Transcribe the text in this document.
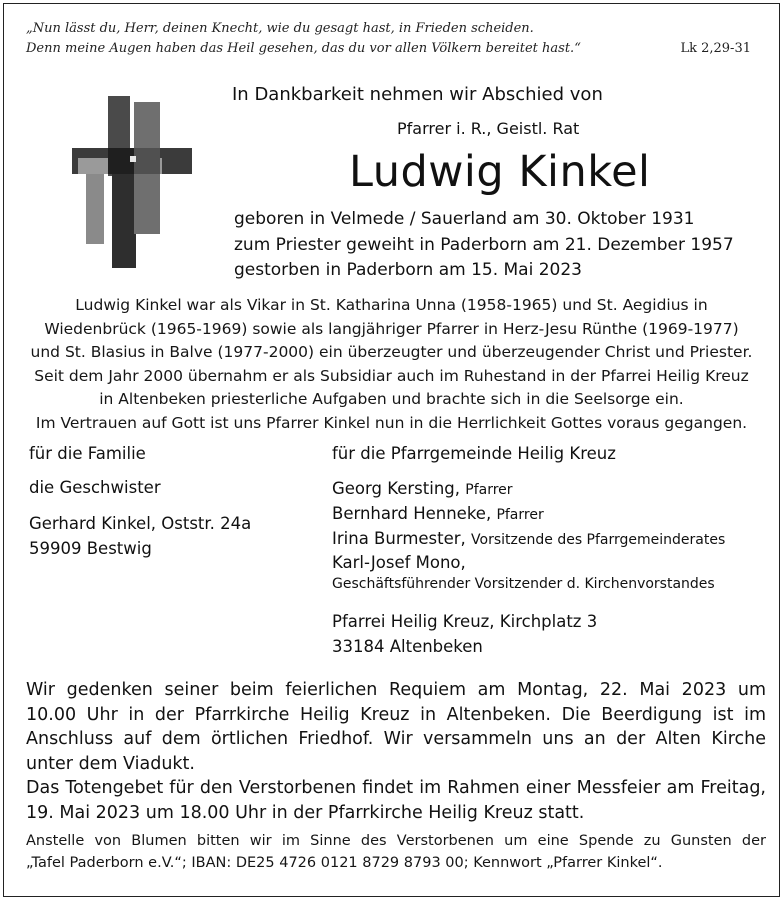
„Nun lässt du, Herr, deinen Knecht, wie du gesagt hast, in Frieden scheiden.
Denn meine Augen haben das Heil gesehen, das du vor allen Völkern bereitet hast.“	Lk 2,29-31
In Dankbarkeit nehmen wir Abschied von
Pfarrer i. R., Geistl. Rat
Ludwig Kinkel
geboren in Velmede / Sauerland am 30. Oktober 1931
zum Priester geweiht in Paderborn am 21. Dezember 1957
gestorben in Paderborn am 15. Mai 2023
Ludwig Kinkel war als Vikar in St. Katharina Unna (1958-1965) und St. Aegidius in
Wiedenbrück (1965-1969) sowie als langjähriger Pfarrer in Herz-Jesu Rünthe (1969-1977)
und St. Blasius in Balve (1977-2000) ein überzeugter und überzeugender Christ und Priester.
Seit dem Jahr 2000 übernahm er als Subsidiar auch im Ruhestand in der Pfarrei Heilig Kreuz
in Altenbeken priesterliche Aufgaben und brachte sich in die Seelsorge ein.
Im Vertrauen auf Gott ist uns Pfarrer Kinkel nun in die Herrlichkeit Gottes voraus gegangen.
für die Familie
die Geschwister
Gerhard Kinkel, Oststr. 24a
59909 Bestwig
für die Pfarrgemeinde Heilig Kreuz
Georg Kersting, Pfarrer
Bernhard Henneke, Pfarrer
Irina Burmester, Vorsitzende des Pfarrgemeinderates
Karl-Josef Mono,
Geschäftsführender Vorsitzender d. Kirchenvorstandes
Pfarrei Heilig Kreuz, Kirchplatz 3
33184 Altenbeken
Wir gedenken seiner beim feierlichen Requiem am Montag, 22. Mai 2023 um
10.00 Uhr in der Pfarrkirche Heilig Kreuz in Altenbeken. Die Beerdigung ist im
Anschluss auf dem örtlichen Friedhof. Wir versammeln uns an der Alten Kirche
unter dem Viadukt.
Das Totengebet für den Verstorbenen findet im Rahmen einer Messfeier am Freitag,
19. Mai 2023 um 18.00 Uhr in der Pfarrkirche Heilig Kreuz statt.
Anstelle von Blumen bitten wir im Sinne des Verstorbenen um eine Spende zu Gunsten der
„Tafel Paderborn e.V.“; IBAN: DE25 4726 0121 8729 8793 00; Kennwort „Pfarrer Kinkel“.
